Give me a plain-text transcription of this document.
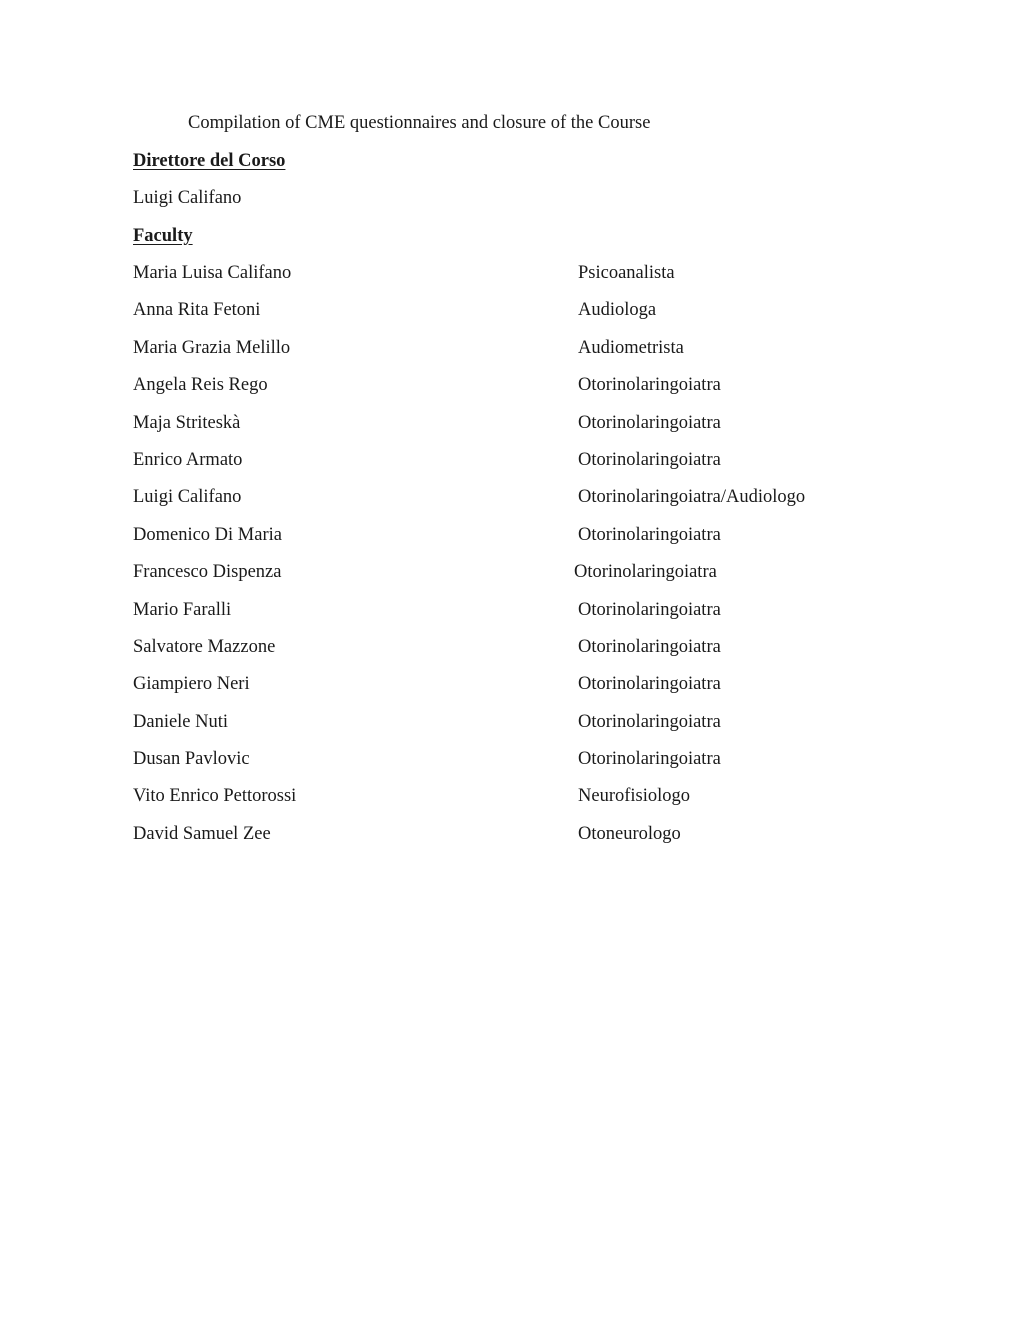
Compilation of CME questionnaires and closure of the Course
Direttore del Corso
Luigi Califano
Faculty
Maria Luisa Califano	Psicoanalista
Anna Rita Fetoni	Audiologa
Maria Grazia Melillo	Audiometrista
Angela Reis Rego	Otorinolaringoiatra
Maja Striteskà	Otorinolaringoiatra
Enrico Armato	Otorinolaringoiatra
Luigi Califano	Otorinolaringoiatra/Audiologo
Domenico Di Maria	Otorinolaringoiatra
Francesco Dispenza	Otorinolaringoiatra
Mario Faralli	Otorinolaringoiatra
Salvatore Mazzone	Otorinolaringoiatra
Giampiero Neri	Otorinolaringoiatra
Daniele Nuti	Otorinolaringoiatra
Dusan Pavlovic	Otorinolaringoiatra
Vito Enrico Pettorossi	Neurofisiologo
David Samuel Zee	Otoneurologo
